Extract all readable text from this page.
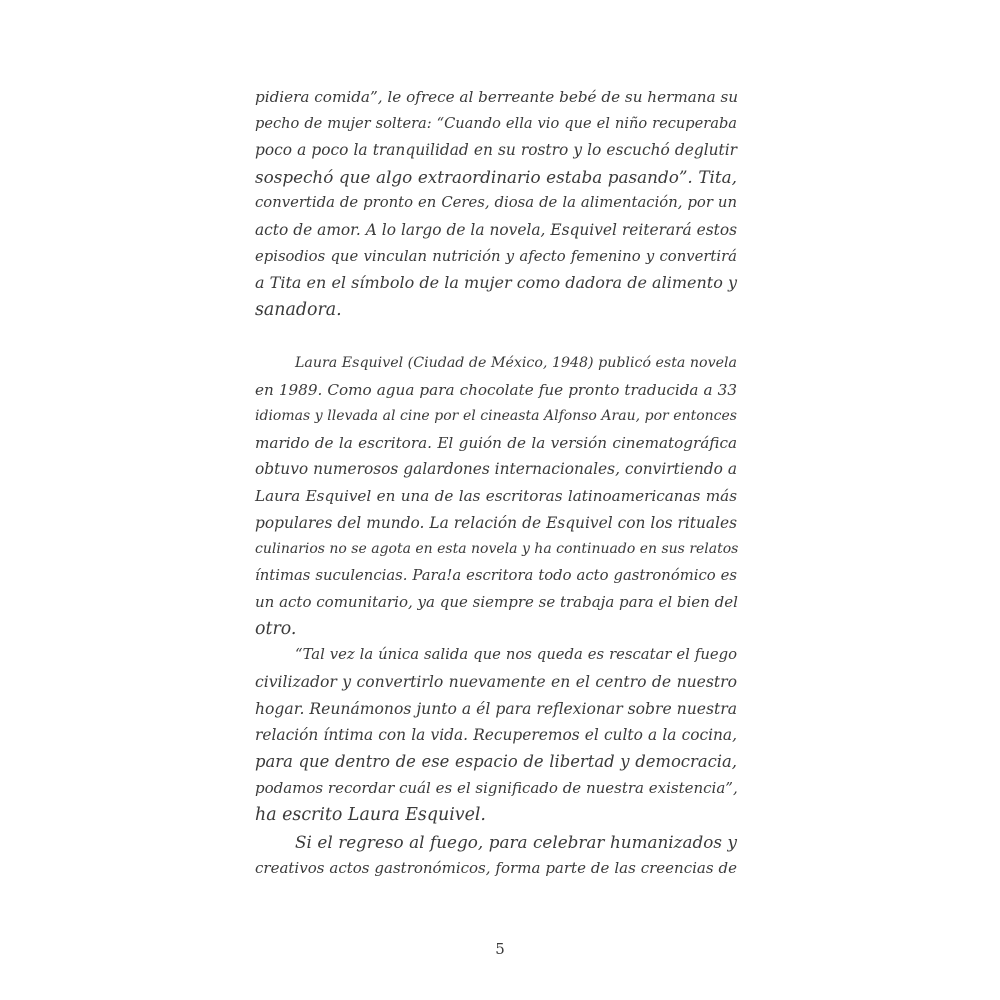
pidiera comida”, le ofrece al berreante bebé de su hermana su
pecho de mujer soltera: “Cuando ella vio que el niño recuperaba
poco a poco la tranquilidad en su rostro y lo escuchó deglutir
sospechó que algo extraordinario estaba pasando”. Tita,
convertida de pronto en Ceres, diosa de la alimentación, por un
acto de amor. A lo largo de la novela, Esquivel reiterará estos
episodios que vinculan nutrición y afecto femenino y convertirá
a Tita en el símbolo de la mujer como dadora de alimento y
sanadora.
Laura Esquivel (Ciudad de México, 1948) publicó esta novela
en 1989. Como agua para chocolate fue pronto traducida a 33
idiomas y llevada al cine por el cineasta Alfonso Arau, por entonces
marido de la escritora. El guión de la versión cinematográfica
obtuvo numerosos galardones internacionales, convirtiendo a
Laura Esquivel en una de las escritoras latinoamericanas más
populares del mundo. La relación de Esquivel con los rituales
culinarios no se agota en esta novela y ha continuado en sus relatos
íntimas suculencias. Para!a escritora todo acto gastronómico es
un acto comunitario, ya que siempre se trabaja para el bien del
otro.
“Tal vez la única salida que nos queda es rescatar el fuego
civilizador y convertirlo nuevamente en el centro de nuestro
hogar. Reunámonos junto a él para reflexionar sobre nuestra
relación íntima con la vida. Recuperemos el culto a la cocina,
para que dentro de ese espacio de libertad y democracia,
podamos recordar cuál es el significado de nuestra existencia”,
ha escrito Laura Esquivel.
Si el regreso al fuego, para celebrar humanizados y
creativos actos gastronómicos, forma parte de las creencias de
5
